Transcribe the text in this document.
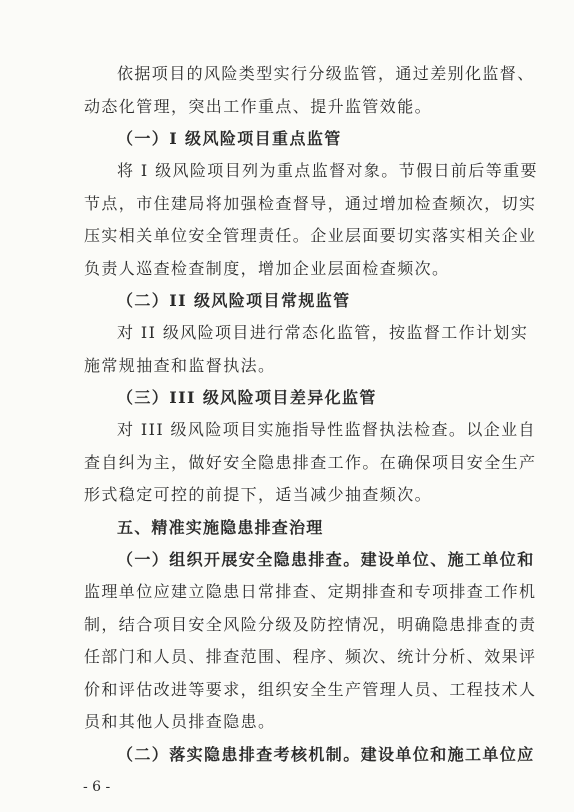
依据项目的风险类型实行分级监管，通过差别化监督、
动态化管理，突出工作重点、提升监管效能。
（一）I 级风险项目重点监管
将 I 级风险项目列为重点监督对象。节假日前后等重要
节点，市住建局将加强检查督导，通过增加检查频次，切实
压实相关单位安全管理责任。企业层面要切实落实相关企业
负责人巡查检查制度，增加企业层面检查频次。
（二）II 级风险项目常规监管
对 II 级风险项目进行常态化监管，按监督工作计划实
施常规抽查和监督执法。
（三）III 级风险项目差异化监管
对 III 级风险项目实施指导性监督执法检查。以企业自
查自纠为主，做好安全隐患排查工作。在确保项目安全生产
形式稳定可控的前提下，适当减少抽查频次。
五、精准实施隐患排查治理
（一）组织开展安全隐患排查。建设单位、施工单位和
监理单位应建立隐患日常排查、定期排查和专项排查工作机
制，结合项目安全风险分级及防控情况，明确隐患排查的责
任部门和人员、排查范围、程序、频次、统计分析、效果评
价和评估改进等要求，组织安全生产管理人员、工程技术人
员和其他人员排查隐患。
（二）落实隐患排查考核机制。建设单位和施工单位应
- 6 -
